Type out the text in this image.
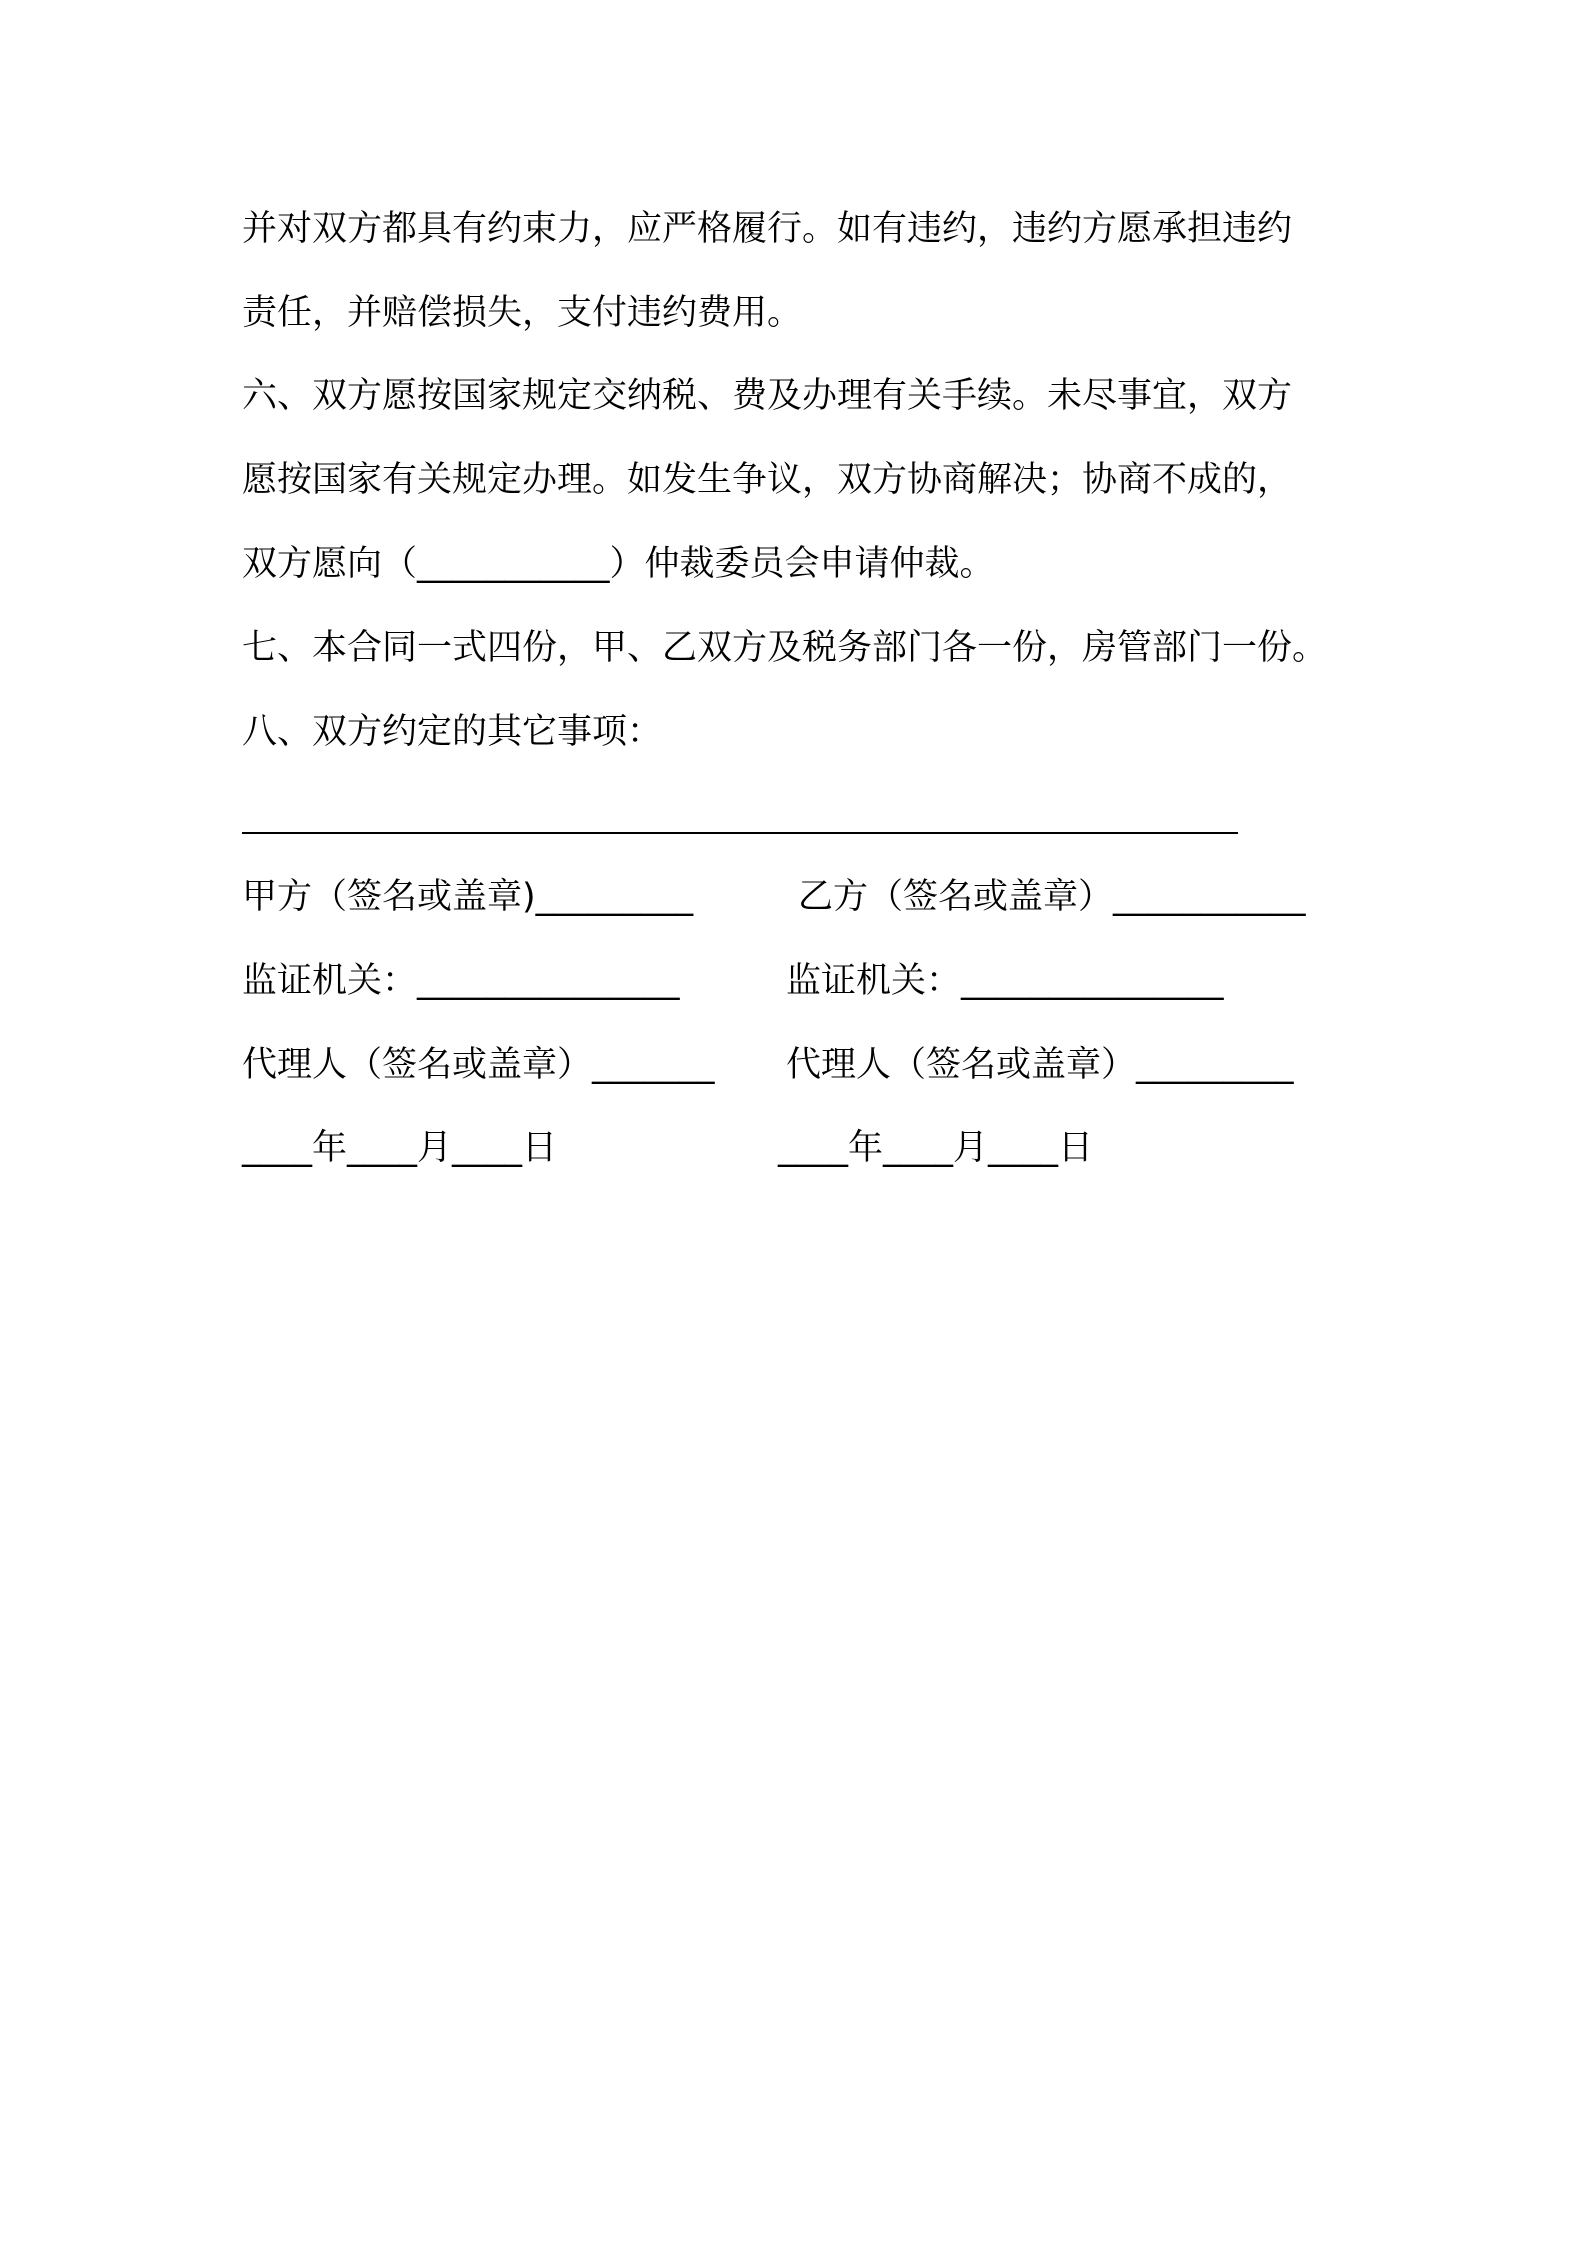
并对双方都具有约束力，应严格履行。如有违约，违约方愿承担违约
责任，并赔偿损失，支付违约费用。
六、双方愿按国家规定交纳税、费及办理有关手续。未尽事宜，双方
愿按国家有关规定办理。如发生争议，双方协商解决；协商不成的，
双方愿向（___________）仲裁委员会申请仲裁。
七、本合同一式四份，甲、乙双方及税务部门各一份，房管部门一份。
八、双方约定的其它事项：
甲方（签名或盖章)_________	乙方（签名或盖章）___________
监证机关：_______________	监证机关：_______________
代理人（签名或盖章）_______ 代理人（签名或盖章）_________
____年____月____日	____年____月____日
